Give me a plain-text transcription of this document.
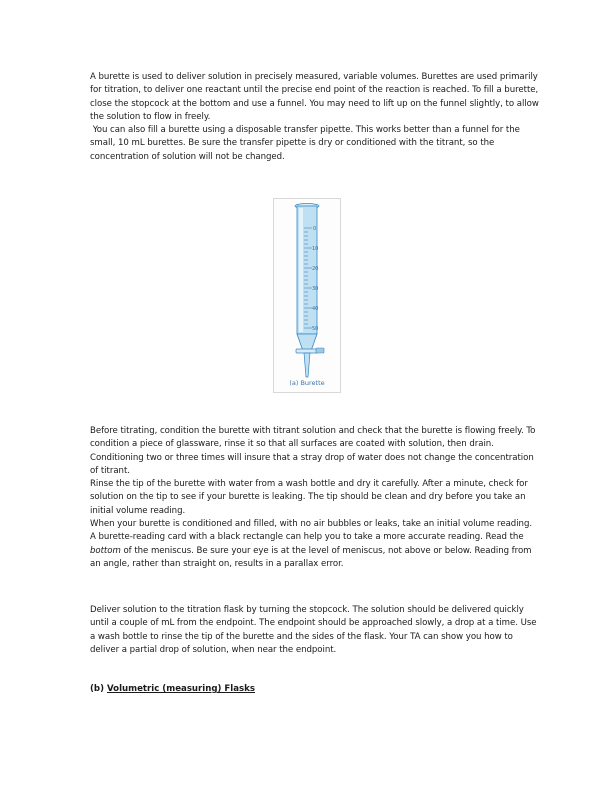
A burette is used to deliver solution in precisely measured, variable volumes. Burettes are used primarily for titration, to deliver one reactant until the precise end point of the reaction is reached. To fill a burette, close the stopcock at the bottom and use a funnel. You may need to lift up on the funnel slightly, to allow the solution to flow in freely.

You can also fill a burette using a disposable transfer pipette. This works better than a funnel for the small, 10 mL burettes. Be sure the transfer pipette is dry or conditioned with the titrant, so the concentration of solution will not be changed.

0
10
20
30
40
50
(a) Burette

Before titrating, condition the burette with titrant solution and check that the burette is flowing freely. To condition a piece of glassware, rinse it so that all surfaces are coated with solution, then drain. Conditioning two or three times will insure that a stray drop of water does not change the concentration of titrant.

Rinse the tip of the burette with water from a wash bottle and dry it carefully. After a minute, check for solution on the tip to see if your burette is leaking. The tip should be clean and dry before you take an initial volume reading.

When your burette is conditioned and filled, with no air bubbles or leaks, take an initial volume reading. A burette-reading card with a black rectangle can help you to take a more accurate reading. Read the bottom of the meniscus. Be sure your eye is at the level of meniscus, not above or below. Reading from an angle, rather than straight on, results in a parallax error.

Deliver solution to the titration flask by turning the stopcock. The solution should be delivered quickly until a couple of mL from the endpoint. The endpoint should be approached slowly, a drop at a time. Use a wash bottle to rinse the tip of the burette and the sides of the flask. Your TA can show you how to deliver a partial drop of solution, when near the endpoint.

(b) Volumetric (measuring) Flasks
